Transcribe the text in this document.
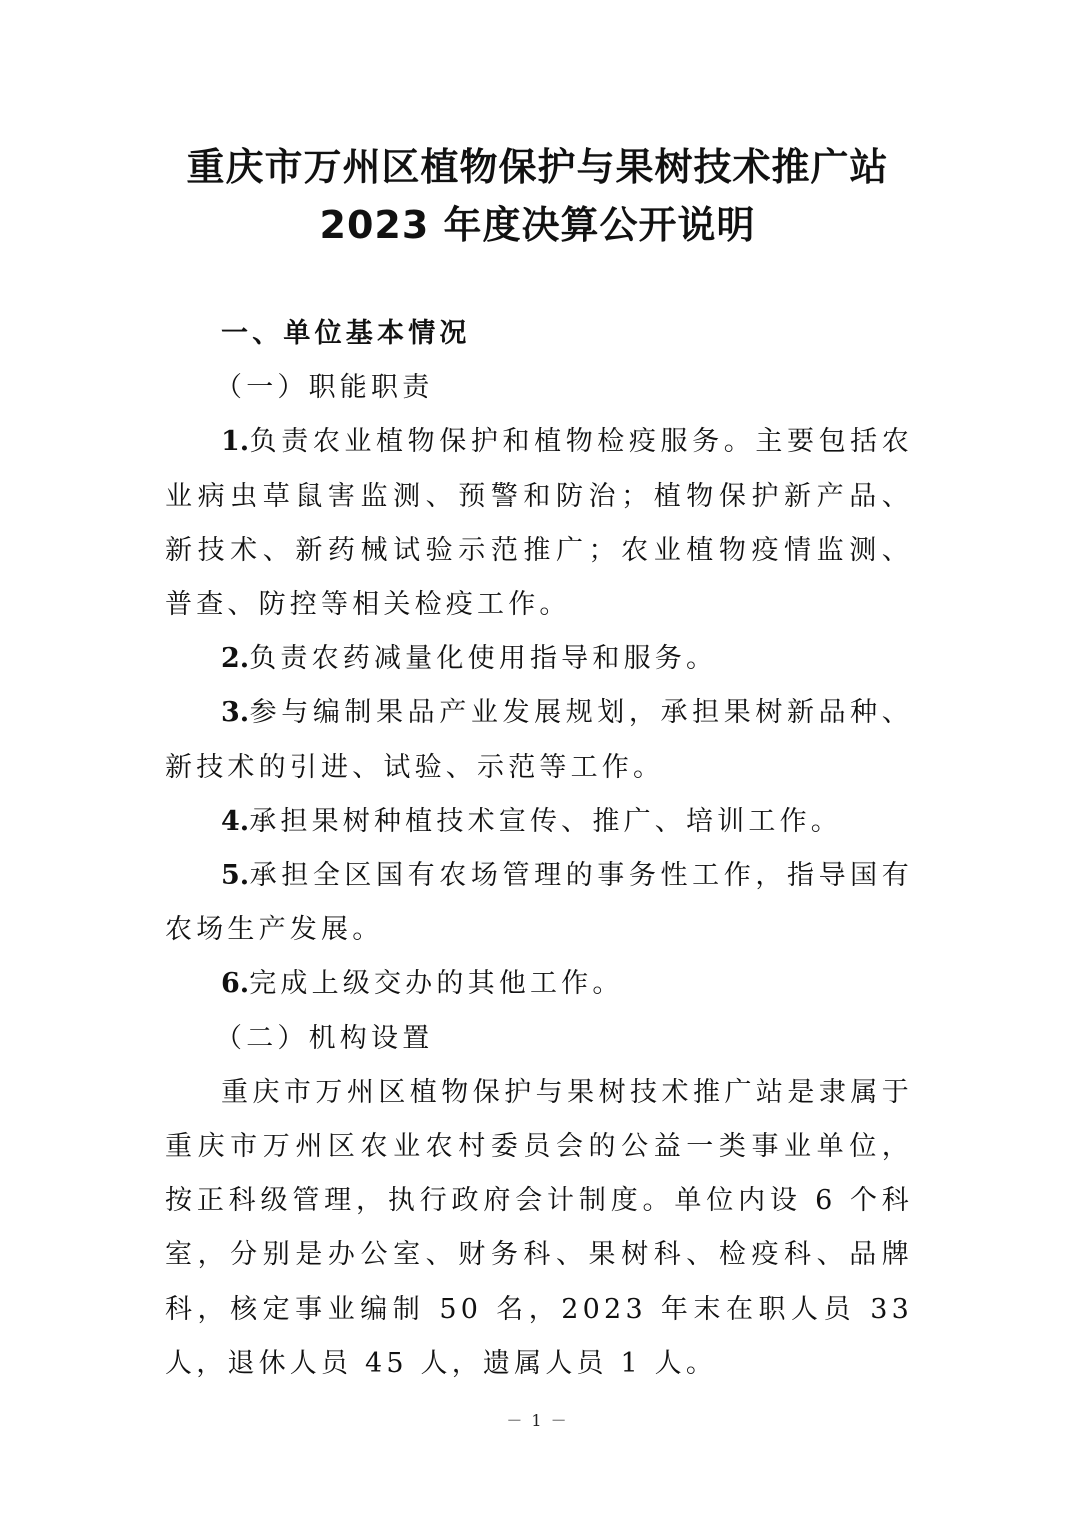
重庆市万州区植物保护与果树技术推广站
2023 年度决算公开说明

一、单位基本情况

（一）职能职责

1.负责农业植物保护和植物检疫服务。主要包括农业病虫草鼠害监测、预警和防治；植物保护新产品、新技术、新药械试验示范推广；农业植物疫情监测、普查、防控等相关检疫工作。

2.负责农药减量化使用指导和服务。

3.参与编制果品产业发展规划，承担果树新品种、新技术的引进、试验、示范等工作。

4.承担果树种植技术宣传、推广、培训工作。

5.承担全区国有农场管理的事务性工作，指导国有农场生产发展。

6.完成上级交办的其他工作。

（二）机构设置

重庆市万州区植物保护与果树技术推广站是隶属于重庆市万州区农业农村委员会的公益一类事业单位，按正科级管理，执行政府会计制度。单位内设 6 个科室，分别是办公室、财务科、果树科、检疫科、品牌科，核定事业编制 50 名，2023 年末在职人员 33 人，退休人员 45 人，遗属人员 1 人。

－ 1 －
